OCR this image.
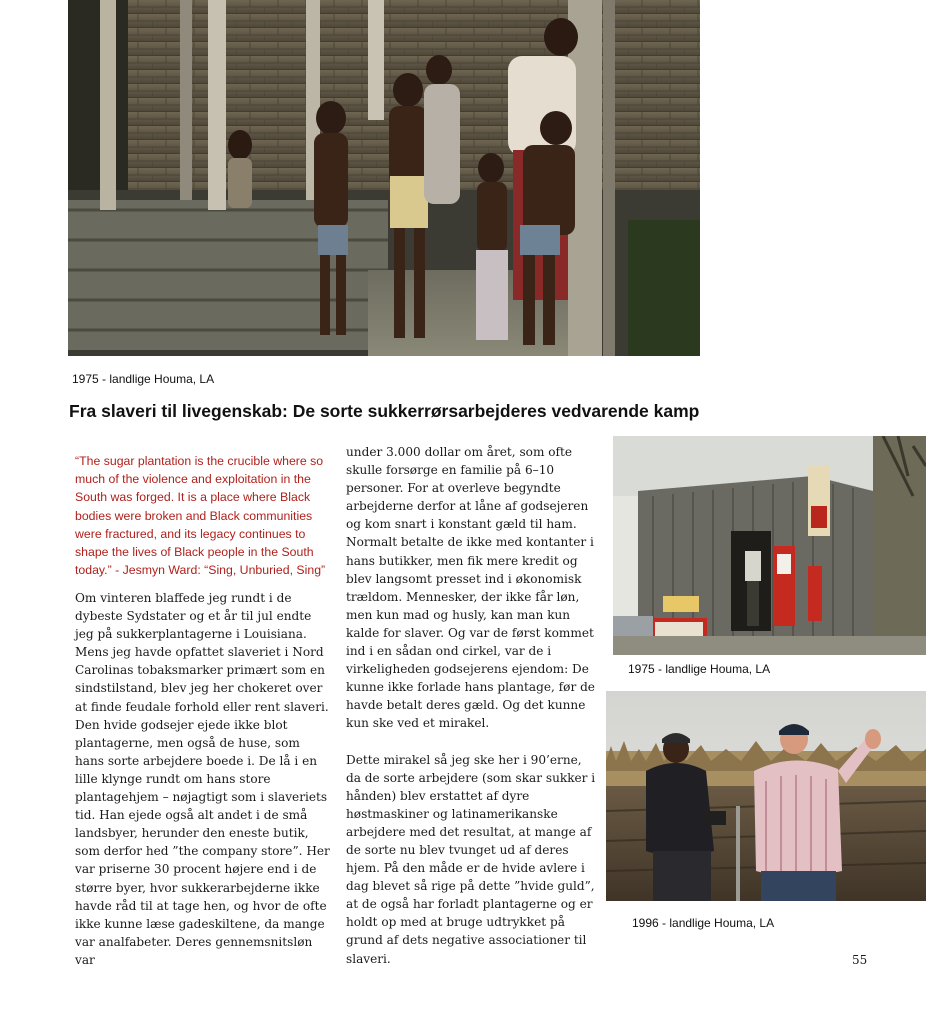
1975 - landlige Houma, LA
Fra slaveri til livegenskab: De sorte sukkerrørsarbejderes vedvarende kamp

“The sugar plantation is the crucible where so much of the violence and exploitation in the South was forged. It is a place where Black bodies were broken and Black communities were fractured, and its legacy continues to shape the lives of Black people in the South today.” - Jesmyn Ward: “Sing, Unburied, Sing”

Om vinteren blaffede jeg rundt i de dybeste Sydstater og et år til jul endte jeg på sukkerplantagerne i Louisiana. Mens jeg havde opfattet slaveriet i Nord Carolinas tobaksmarker primært som en sindstilstand, blev jeg her chokeret over at finde feudale forhold eller rent slaveri. Den hvide godsejer ejede ikke blot plantagerne, men også de huse, som hans sorte arbejdere boede i. De lå i en lille klynge rundt om hans store plantagehjem – nøjagtigt som i slaveriets tid. Han ejede også alt andet i de små landsbyer, herunder den eneste butik, som derfor hed ”the company store”. Her var priserne 30 procent højere end i de større byer, hvor sukkerarbejderne ikke havde råd til at tage hen, og hvor de ofte ikke kunne læse gadeskiltene, da mange var analfabeter. Deres gennemsnitsløn var

under 3.000 dollar om året, som ofte skulle forsørge en familie på 6–10 personer. For at overleve begyndte arbejderne derfor at låne af godsejeren og kom snart i konstant gæld til ham. Normalt betalte de ikke med kontanter i hans butikker, men fik mere kredit og blev langsomt presset ind i økonomisk trældom. Mennesker, der ikke får løn, men kun mad og husly, kan man kun kalde for slaver. Og var de først kommet ind i en sådan ond cirkel, var de i virkeligheden godsejerens ejendom: De kunne ikke forlade hans plantage, før de havde betalt deres gæld. Og det kunne kun ske ved et mirakel.

Dette mirakel så jeg ske her i 90’erne, da de sorte arbejdere (som skar sukker i hånden) blev erstattet af dyre høstmaskiner og latinamerikanske arbejdere med det resultat, at mange af de sorte nu blev tvunget ud af deres hjem. På den måde er de hvide avlere i dag blevet så rige på dette ”hvide guld”, at de også har forladt plantagerne og er holdt op med at bruge udtrykket på grund af dets negative associationer til slaveri.

1975 - landlige Houma, LA
1996 - landlige Houma, LA
55
